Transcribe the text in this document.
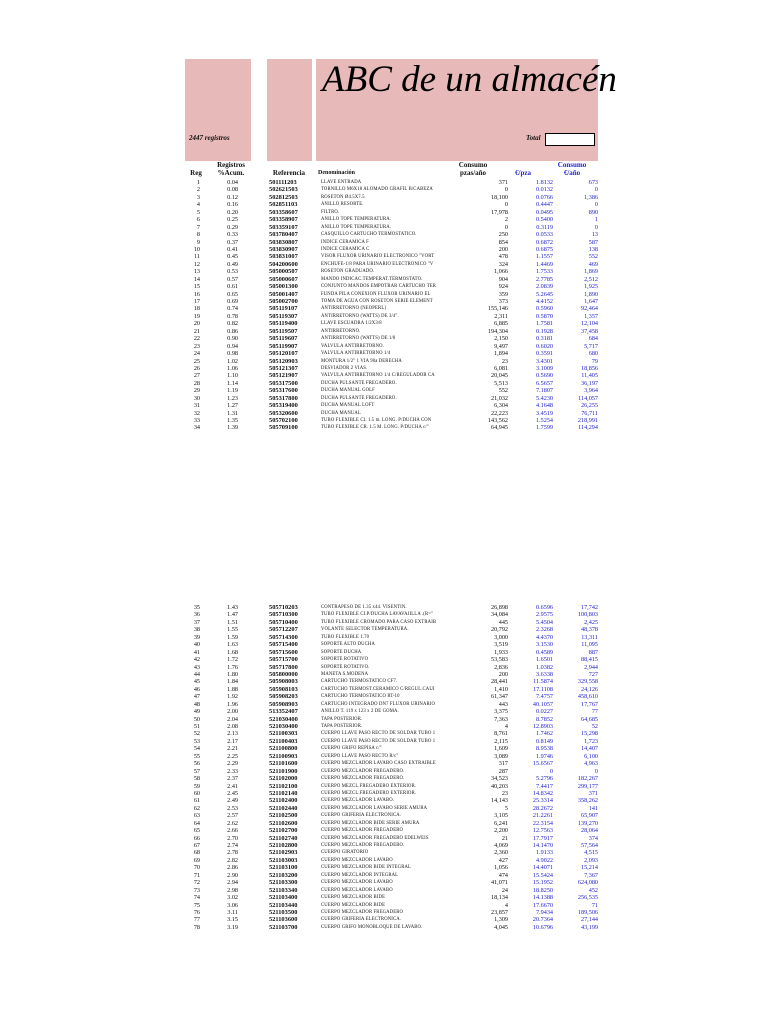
ABC de un almacén
2447 registros	Total
Registros
%Acum.
Reg	Referencia	Denominación
Consumo
pzas/año	€/pza
Consumo
€/año
1	0.04	501111203	LLAVE ENTRADA	371	1.8132	673
2	0.08	502621503	TORNILLO M6X18 ALOMADO GRAFIL B/CABEZA	0	0.0132	0
3	0.12	502812503	ROSETON Ø4.5X7.5	18,100	0.0766	1,386
4	0.16	502851103	ANILLO RESORTE.	0	0.4447	0
5	0.20	503358607	FILTRO.	17,978	0.0495	890
6	0.25	503358907	ANILLO TOPE TEMPERATURA.	2	0.5400	1
7	0.29	503359107	ANILLO TOPE TEMPERATURA.	0	0.3119	0
8	0.33	503780407	CASQUILLO CARTUCHO TERMOSTATICO.	250	0.0533	13
9	0.37	503830807	INDICE CERAMICA F	854	0.6872	587
10	0.41	503830907	INDICE CERAMICA C	200	0.6875	138
11	0.45	503831007	VISOR FLUXOR URINARIO ELECTRONICO "VORT	478	1.1557	552
12	0.49	504200600	ENCHUFE-1/8 PARA URINARIO ELECTRONICO "V	324	1.4469	469
13	0.53	505000507	ROSETON GRADUADO.	1,066	1.7533	1,869
14	0.57	505000607	MANDO INDICAC.TEMPERAT.TERMOSTATO.	904	2.7785	2,512
15	0.61	505001300	CONJUNTO MANDOS EMPOTRAR CARTUCHO TER	924	2.0839	1,925
16	0.65	505001407	FUNDA PILA CONEXION FLUXOR URINARIO EL	359	5.2645	1,890
17	0.69	505002700	TOMA DE AGUA CON ROSETON SERIE ELEMENT	373	4.4152	1,647
18	0.74	505119107	ANTIRRETORNO (NEOPERL)	155,146	0.5960	92,464
19	0.78	505119307	ANTIRRETORNO (WATTS) DE 3/4".	2,311	0.5870	1,357
20	0.82	505119400	LLAVE ESCUADRA 1/2X3/8	6,885	1.7581	12,104
21	0.86	505119507	ANTIRRETORNO.	194,304	0.1928	37,458
22	0.90	505119607	ANTIRRETORNO (WATTS) DE 1/8	2,150	0.3181	684
23	0.94	505119907	VALVULA ANTIRRETORNO.	9,497	0.6020	5,717
24	0.98	505120107	VALVULA ANTIRRETORNO 1/4	1,894	0.3591	680
25	1.02	505120903	MONTURA 1/2" 1 VIA 90a DERECHA	23	3.4301	79
26	1.06	505121307	DESVIADOR 2 VIAS.	6,081	3.1009	18,856
27	1.10	505121907	VALVULA ANTIRRETORNO 1/4 C/REGULADOR CA	20,045	0.5690	11,405
28	1.14	505317500	DUCHA PULSANTE FREGADERO.	5,513	6.5657	36,197
29	1.19	505317600	DUCHA MANUAL GOLF	552	7.1807	3,964
30	1.23	505317800	DUCHA PULSANTE FREGADERO.	21,032	5.4230	114,057
31	1.27	505319400	DUCHA MANUAL LOFT	6,304	4.1648	26,255
32	1.31	505320600	DUCHA MANUAL	22,223	3.4519	76,711
33	1.35	505702100	TUBO FLEXIBLE CI. 1.5 m. LONG. P/DUCHA CON	143,562	1.5254	218,991
34	1.39	505709100	TUBO FLEXIBLE CR. 1.5 M. LONG. P/DUCHA c/"	64,945	1.7599	114,294
35	1.43	505710203	CONTRAPESO DE 1.35 x44. VISENTIN.	26,898	0.6596	17,742
36	1.47	505710300	TUBO FLEXIBLE CI.P/DUCHA LAVAVAJILLA .(R="	34,084	2.9575	100,803
37	1.51	505710400	TUBO FLEXIBLE CROMADO PARA CASO EXTRAIB	445	5.4504	2,425
38	1.55	505712207	VOLANTE SELECTOR TEMPERATURA.	20,792	2.3268	48,378
39	1.59	505714300	TUBO FLEXIBLE 1.70	3,000	4.4370	13,311
40	1.63	505715400	SOPORTE ALTO DUCHA	3,519	3.1530	11,095
41	1.68	505715600	SOPORTE DUCHA	1,933	0.4589	887
42	1.72	505715700	SOPORTE ROTATIVO	53,583	1.6501	88,415
43	1.76	505717800	SOPORTE ROTATIVO.	2,836	1.0382	2,944
44	1.80	505800000	MANETA S.MODENA	200	3.6338	727
45	1.84	505908003	CARTUCHO TERMOSTATICO CF7.	28,441	11.5874	329,558
46	1.88	505908103	CARTUCHO TERMOST.CERAMICO C/REGUL.CAUI	1,410	17.1108	24,126
47	1.92	505908203	CARTUCHO TERMOSTATICO RT-10	61,347	7.4757	458,610
48	1.96	505908903	CARTUCHO INTEGRADO DN7 FLUXOR URINARIO	443	40.1057	17,767
49	2.00	513352407	ANILLO T. 119 x 123 x 2 DE GOMA.	3,375	0.0227	77
50	2.04	521030400	TAPA POSTERIOR.	7,363	8.7852	64,685
51	2.08	521030400	TAPA POSTERIOR.	4	12.8903	52
52	2.13	521100303	CUERPO LLAVE PASO RECTO DE SOLDAR TUBO 1	8,761	1.7462	15,298
53	2.17	521100403	CUERPO LLAVE PASO RECTO DE SOLDAR TUBO 1	2,115	0.8149	1,723
54	2.21	521100800	CUERPO GRIFO REPISA c/"	1,609	8.9538	14,407
55	2.25	521100903	CUERPO LLAVE PASO RECTO R/c"	3,089	1.9746	6,100
56	2.29	521101600	CUERPO MEZCLADOR LAVABO CASO EXTRAIBLE	317	15.6567	4,963
57	2.33	521101900	CUERPO MEZCLADOR FREGADERO.	287	0	0
58	2.37	521102000	CUERPO MEZCLADOR FREGADERO.	34,523	5.2796	182,267
59	2.41	521102100	CUERPO MEZCL.FREGADERO EXTERIOR.	40,203	7.4417	299,177
60	2.45	521102140	CUERPO MEZCL.FREGADERO EXTERIOR.	23	14.8342	371
61	2.49	521102400	CUERPO MEZCLADOR LAVABO.	14,143	25.3314	358,262
62	2.53	521102440	CUERPO MEZCLADOR LAVABO SERIE AMURA	5	28.2672	141
63	2.57	521102500	CUERPO GRIFERIA ELECTRONICA.	3,105	21.2261	65,907
64	2.62	521102600	CUERPO MEZCLADOR BIDE SERIE AMURA	6,241	22.3154	139,270
65	2.66	521102700	CUERPO MEZCLADOR FREGADERO	2,200	12.7563	28,064
66	2.70	521102740	CUERPO MEZCLADOR FREGADERO EDELWEIS	21	17.7917	374
67	2.74	521102800	CUERPO MEZCLADOR FREGADERO.	4,069	14.1470	57,564
68	2.78	521102903	CUERPO GIRATORIO	2,360	1.9133	4,515
69	2.82	521103003	CUERPO MEZCLADOR LAVABO	427	4.9022	2,093
70	2.86	521103100	CUERPO MEZCLADOR BIDE INTEGRAL	1,056	14.4071	15,214
71	2.90	521103200	CUERPO MEZCLADOR INTEGRAL	474	15.5424	7,367
72	2.94	521103300	CUERPO MEZCLADOR LAVABO	41,071	15.1952	624,080
73	2.98	521103340	CUERPO MEZCLADOR LAVABO	24	18.8250	452
74	3.02	521103400	CUERPO MEZCLADOR BIDE	18,134	14.1388	256,535
75	3.06	521103440	CUERPO MEZCLADOR BIDE	4	17.6670	71
76	3.11	521103500	CUERPO MEZCLADOR FREGADERO	23,857	7.9434	189,506
77	3.15	521103600	CUERPO GRIFERIA ELECTRONICA.	1,309	20.7364	27,144
78	3.19	521103700	CUERPO GRIFO MONOBLOQUE DE LAVABO.	4,045	10.6796	43,199
